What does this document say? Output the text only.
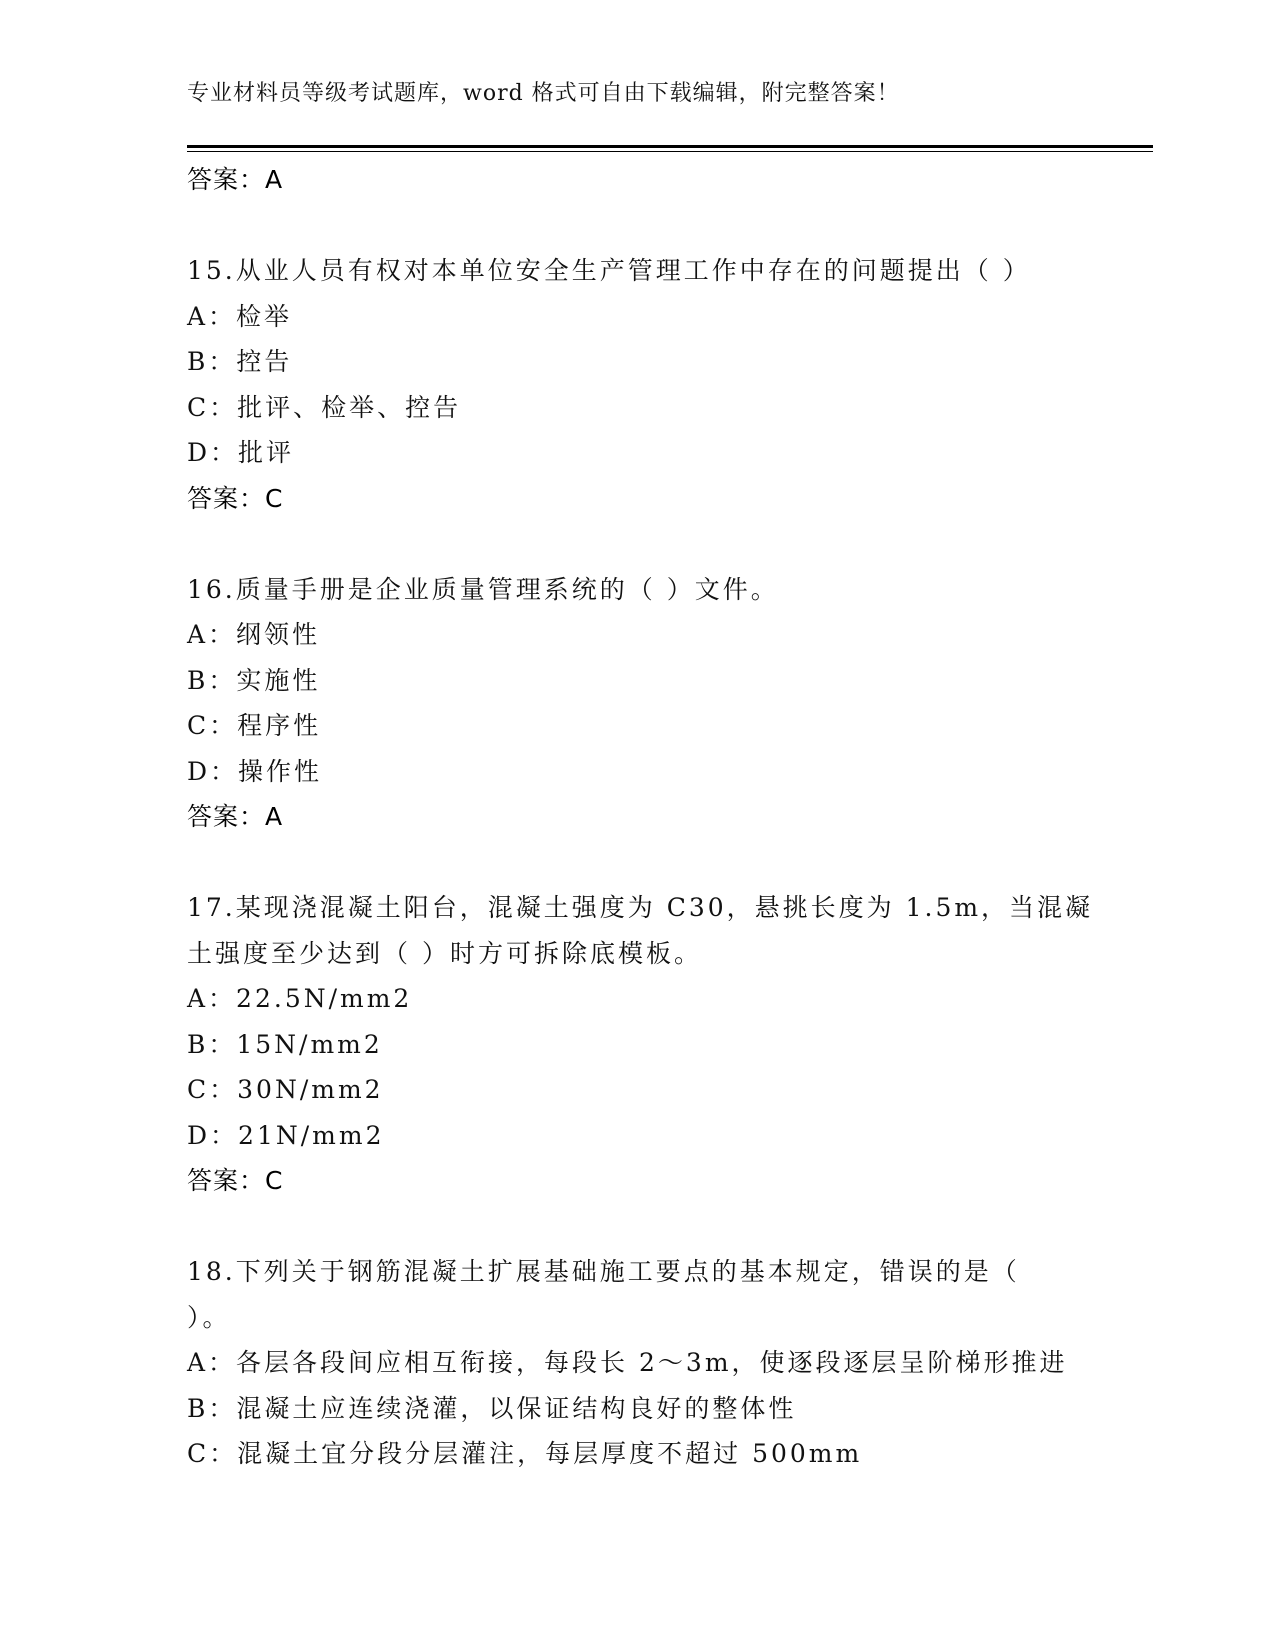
专业材料员等级考试题库，word 格式可自由下载编辑，附完整答案！
答案：A
15.从业人员有权对本单位安全生产管理工作中存在的问题提出（ ）
A：检举
B：控告
C：批评、检举、控告
D：批评
答案：C
16.质量手册是企业质量管理系统的（ ）文件。
A：纲领性
B：实施性
C：程序性
D：操作性
答案：A
17.某现浇混凝土阳台，混凝土强度为 C30，悬挑长度为 1.5m，当混凝
土强度至少达到（ ）时方可拆除底模板。
A：22.5N/mm2
B：15N/mm2
C：30N/mm2
D：21N/mm2
答案：C
18.下列关于钢筋混凝土扩展基础施工要点的基本规定，错误的是（
）。
A：各层各段间应相互衔接，每段长 2～3m，使逐段逐层呈阶梯形推进
B：混凝土应连续浇灌，以保证结构良好的整体性
C：混凝土宜分段分层灌注，每层厚度不超过 500mm
